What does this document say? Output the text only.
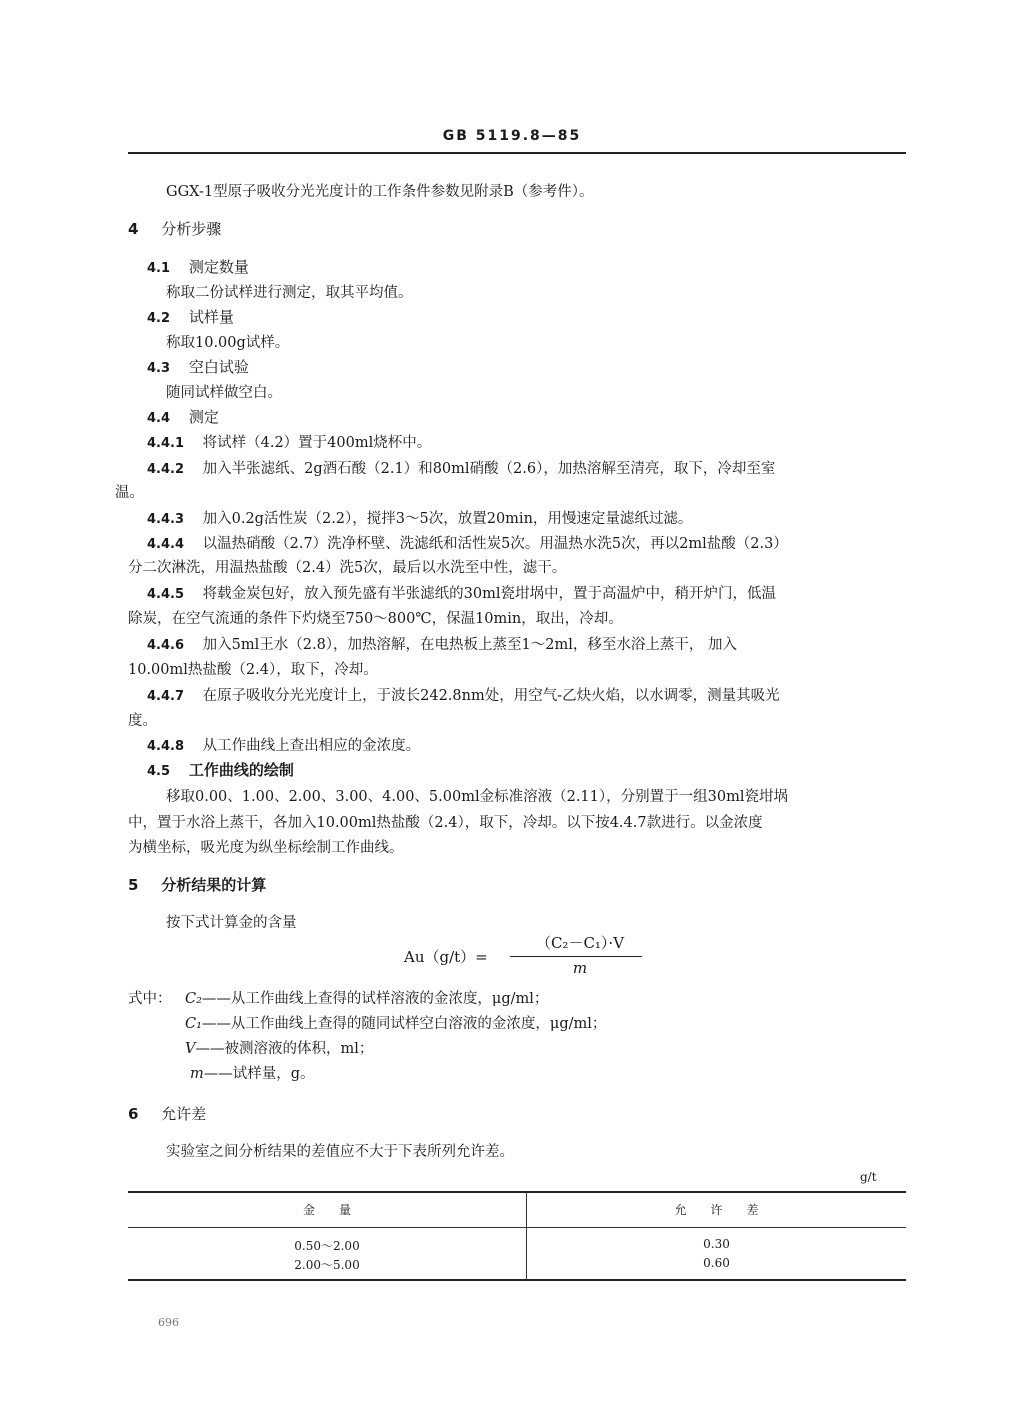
GB 5119.8—85
GGX-1型原子吸收分光光度计的工作条件参数见附录B（参考件）。
4 分析步骤
4.1 测定数量
称取二份试样进行测定，取其平均值。
4.2 试样量
称取10.00g试样。
4.3 空白试验
随同试样做空白。
4.4 测定
4.4.1 将试样（4.2）置于400ml烧杯中。
4.4.2 加入半张滤纸、2g酒石酸（2.1）和80ml硝酸（2.6），加热溶解至清亮，取下，冷却至室
温。
4.4.3 加入0.2g活性炭（2.2），搅拌3～5次，放置20min，用慢速定量滤纸过滤。
4.4.4 以温热硝酸（2.7）洗净杯壁、洗滤纸和活性炭5次。用温热水洗5次，再以2ml盐酸（2.3）
分二次淋洗，用温热盐酸（2.4）洗5次，最后以水洗至中性，滤干。
4.4.5 将载金炭包好，放入预先盛有半张滤纸的30ml瓷坩埚中，置于高温炉中，稍开炉门，低温
除炭，在空气流通的条件下灼烧至750～800℃，保温10min，取出，冷却。
4.4.6 加入5ml王水（2.8），加热溶解，在电热板上蒸至1～2ml，移至水浴上蒸干， 加入
10.00ml热盐酸（2.4），取下，冷却。
4.4.7 在原子吸收分光光度计上，于波长242.8nm处，用空气-乙炔火焰，以水调零，测量其吸光
度。
4.4.8 从工作曲线上查出相应的金浓度。
4.5 工作曲线的绘制
移取0.00、1.00、2.00、3.00、4.00、5.00ml金标准溶液（2.11），分别置于一组30ml瓷坩埚
中，置于水浴上蒸干，各加入10.00ml热盐酸（2.4），取下，冷却。以下按4.4.7款进行。以金浓度
为横坐标，吸光度为纵坐标绘制工作曲线。
5 分析结果的计算
按下式计算金的含量
Au（g/t）=
（C₂－C₁）·V
m
式中： C₂——从工作曲线上查得的试样溶液的金浓度，μg/ml；
C₁——从工作曲线上查得的随同试样空白溶液的金浓度，μg/ml；
V——被测溶液的体积，ml；
m——试样量，g。
6 允许差
实验室之间分析结果的差值应不大于下表所列允许差。
g/t
金　　量	允　　许　　差
0.50～2.00	0.30
2.00～5.00	0.60
696
